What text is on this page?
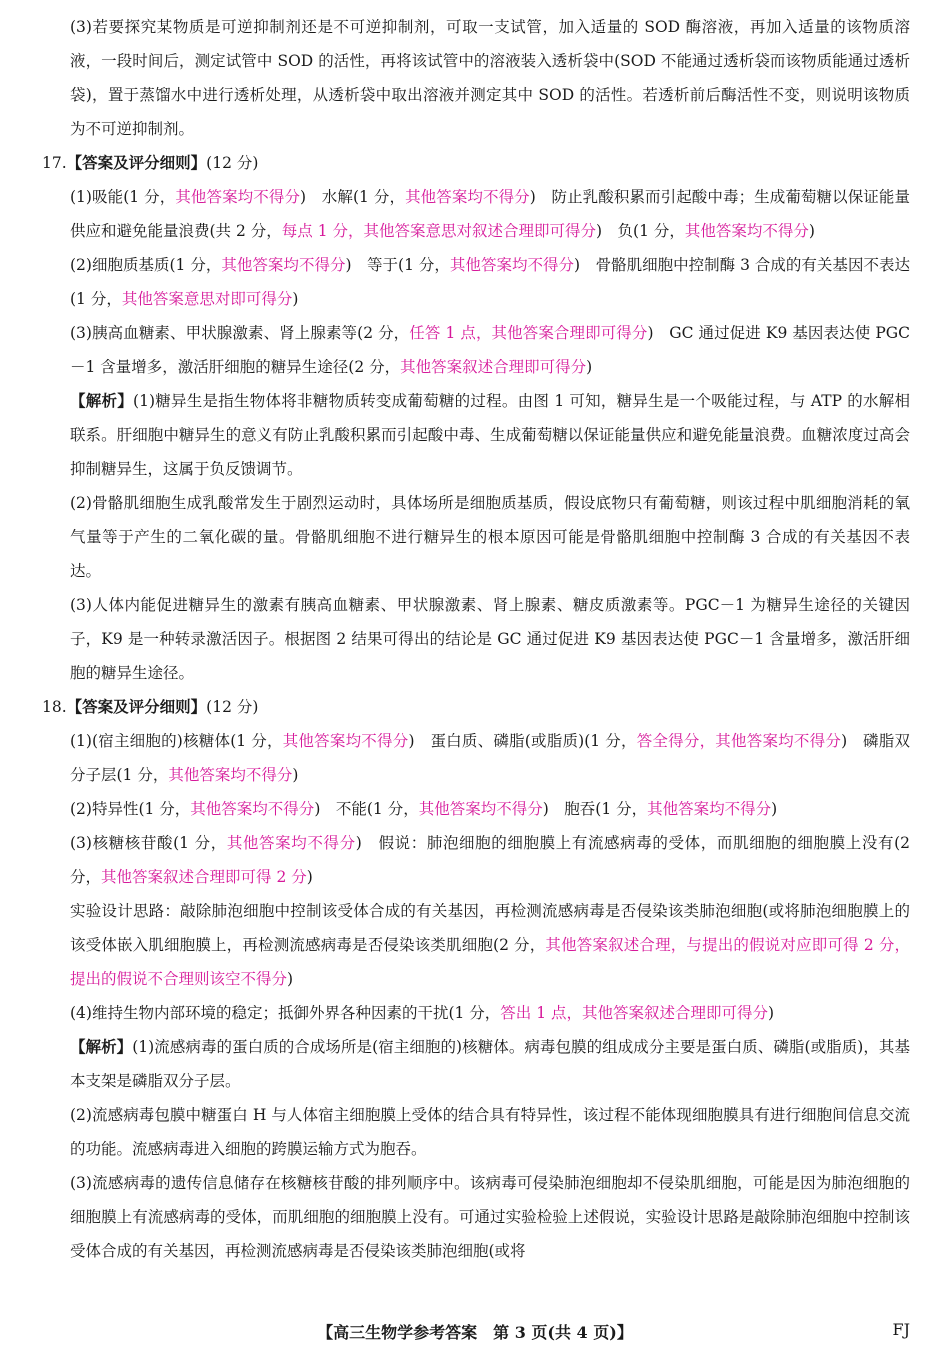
(3)若要探究某物质是可逆抑制剂还是不可逆抑制剂，可取一支试管，加入适量的 SOD 酶溶液，再加入适量的该物质溶液，一段时间后，测定试管中 SOD 的活性，再将该试管中的溶液装入透析袋中(SOD 不能通过透析袋而该物质能通过透析袋)，置于蒸馏水中进行透析处理，从透析袋中取出溶液并测定其中 SOD 的活性。若透析前后酶活性不变，则说明该物质为不可逆抑制剂。

17.【答案及评分细则】(12 分)

(1)吸能(1 分，其他答案均不得分)　水解(1 分，其他答案均不得分)　防止乳酸积累而引起酸中毒；生成葡萄糖以保证能量供应和避免能量浪费(共 2 分，每点 1 分，其他答案意思对叙述合理即可得分)　负(1 分，其他答案均不得分)

(2)细胞质基质(1 分，其他答案均不得分)　等于(1 分，其他答案均不得分)　骨骼肌细胞中控制酶 3 合成的有关基因不表达(1 分，其他答案意思对即可得分)

(3)胰高血糖素、甲状腺激素、肾上腺素等(2 分，任答 1 点，其他答案合理即可得分)　GC 通过促进 K9 基因表达使 PGC－1 含量增多，激活肝细胞的糖异生途径(2 分，其他答案叙述合理即可得分)

【解析】(1)糖异生是指生物体将非糖物质转变成葡萄糖的过程。由图 1 可知，糖异生是一个吸能过程，与 ATP 的水解相联系。肝细胞中糖异生的意义有防止乳酸积累而引起酸中毒、生成葡萄糖以保证能量供应和避免能量浪费。血糖浓度过高会抑制糖异生，这属于负反馈调节。

(2)骨骼肌细胞生成乳酸常发生于剧烈运动时，具体场所是细胞质基质，假设底物只有葡萄糖，则该过程中肌细胞消耗的氧气量等于产生的二氧化碳的量。骨骼肌细胞不进行糖异生的根本原因可能是骨骼肌细胞中控制酶 3 合成的有关基因不表达。

(3)人体内能促进糖异生的激素有胰高血糖素、甲状腺激素、肾上腺素、糖皮质激素等。PGC－1 为糖异生途径的关键因子，K9 是一种转录激活因子。根据图 2 结果可得出的结论是 GC 通过促进 K9 基因表达使 PGC－1 含量增多，激活肝细胞的糖异生途径。

18.【答案及评分细则】(12 分)

(1)(宿主细胞的)核糖体(1 分，其他答案均不得分)　蛋白质、磷脂(或脂质)(1 分，答全得分，其他答案均不得分)　磷脂双分子层(1 分，其他答案均不得分)

(2)特异性(1 分，其他答案均不得分)　不能(1 分，其他答案均不得分)　胞吞(1 分，其他答案均不得分)

(3)核糖核苷酸(1 分，其他答案均不得分)　假说：肺泡细胞的细胞膜上有流感病毒的受体，而肌细胞的细胞膜上没有(2 分，其他答案叙述合理即可得 2 分)

实验设计思路：敲除肺泡细胞中控制该受体合成的有关基因，再检测流感病毒是否侵染该类肺泡细胞(或将肺泡细胞膜上的该受体嵌入肌细胞膜上，再检测流感病毒是否侵染该类肌细胞(2 分，其他答案叙述合理，与提出的假说对应即可得 2 分，提出的假说不合理则该空不得分)

(4)维持生物内部环境的稳定；抵御外界各种因素的干扰(1 分，答出 1 点，其他答案叙述合理即可得分)

【解析】(1)流感病毒的蛋白质的合成场所是(宿主细胞的)核糖体。病毒包膜的组成成分主要是蛋白质、磷脂(或脂质)，其基本支架是磷脂双分子层。

(2)流感病毒包膜中糖蛋白 H 与人体宿主细胞膜上受体的结合具有特异性，该过程不能体现细胞膜具有进行细胞间信息交流的功能。流感病毒进入细胞的跨膜运输方式为胞吞。

(3)流感病毒的遗传信息储存在核糖核苷酸的排列顺序中。该病毒可侵染肺泡细胞却不侵染肌细胞，可能是因为肺泡细胞的细胞膜上有流感病毒的受体，而肌细胞的细胞膜上没有。可通过实验检验上述假说，实验设计思路是敲除肺泡细胞中控制该受体合成的有关基因，再检测流感病毒是否侵染该类肺泡细胞(或将

【高三生物学参考答案　第 3 页(共 4 页)】	FJ
